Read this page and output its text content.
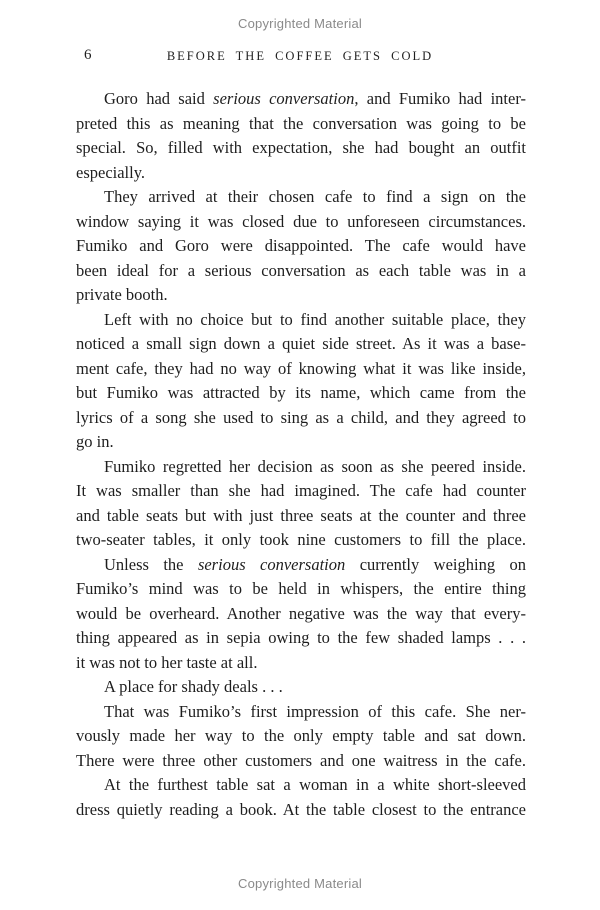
Copyrighted Material
6	BEFORE THE COFFEE GETS COLD
Goro had said serious conversation, and Fumiko had inter-
preted this as meaning that the conversation was going to be
special. So, filled with expectation, she had bought an outfit
especially.
They arrived at their chosen cafe to find a sign on the
window saying it was closed due to unforeseen circumstances.
Fumiko and Goro were disappointed. The cafe would have
been ideal for a serious conversation as each table was in a
private booth.
Left with no choice but to find another suitable place, they
noticed a small sign down a quiet side street. As it was a base-
ment cafe, they had no way of knowing what it was like inside,
but Fumiko was attracted by its name, which came from the
lyrics of a song she used to sing as a child, and they agreed to
go in.
Fumiko regretted her decision as soon as she peered inside.
It was smaller than she had imagined. The cafe had counter
and table seats but with just three seats at the counter and three
two-seater tables, it only took nine customers to fill the place.
Unless the serious conversation currently weighing on
Fumiko’s mind was to be held in whispers, the entire thing
would be overheard. Another negative was the way that every-
thing appeared as in sepia owing to the few shaded lamps . . .
it was not to her taste at all.
A place for shady deals . . .
That was Fumiko’s first impression of this cafe. She ner-
vously made her way to the only empty table and sat down.
There were three other customers and one waitress in the cafe.
At the furthest table sat a woman in a white short-sleeved
dress quietly reading a book. At the table closest to the entrance
Copyrighted Material
